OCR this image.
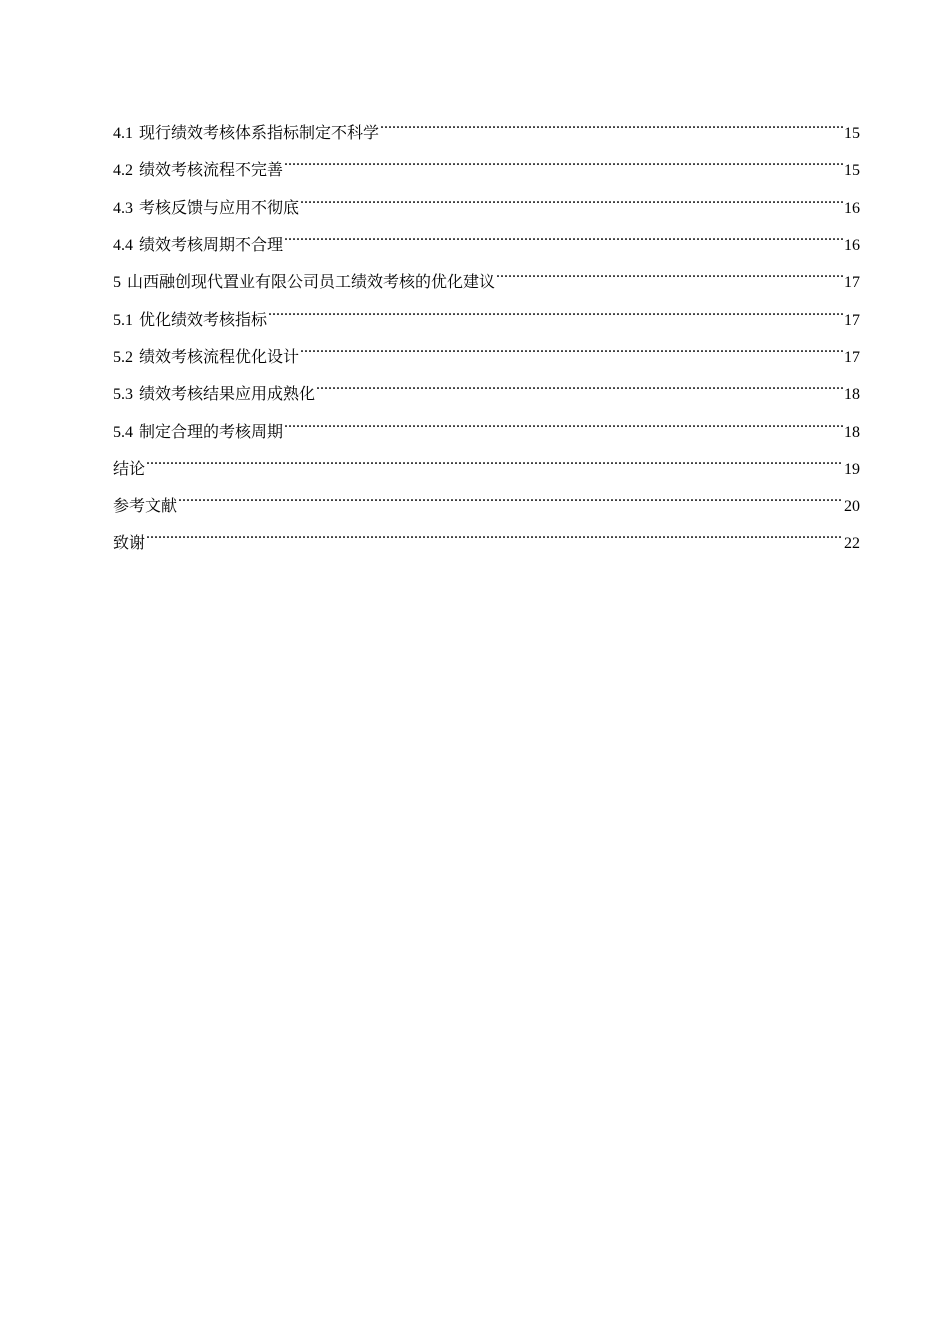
4.1 现行绩效考核体系指标制定不科学 .....	15
4.2 绩效考核流程不完善 .....	15
4.3 考核反馈与应用不彻底 .....	16
4.4 绩效考核周期不合理 .....	16
5 山西融创现代置业有限公司员工绩效考核的优化建议 .....	17
5.1 优化绩效考核指标 .....	17
5.2 绩效考核流程优化设计 .....	17
5.3 绩效考核结果应用成熟化 .....	18
5.4 制定合理的考核周期 .....	18
结论 .....	19
参考文献 .....	20
致谢 .....	22
